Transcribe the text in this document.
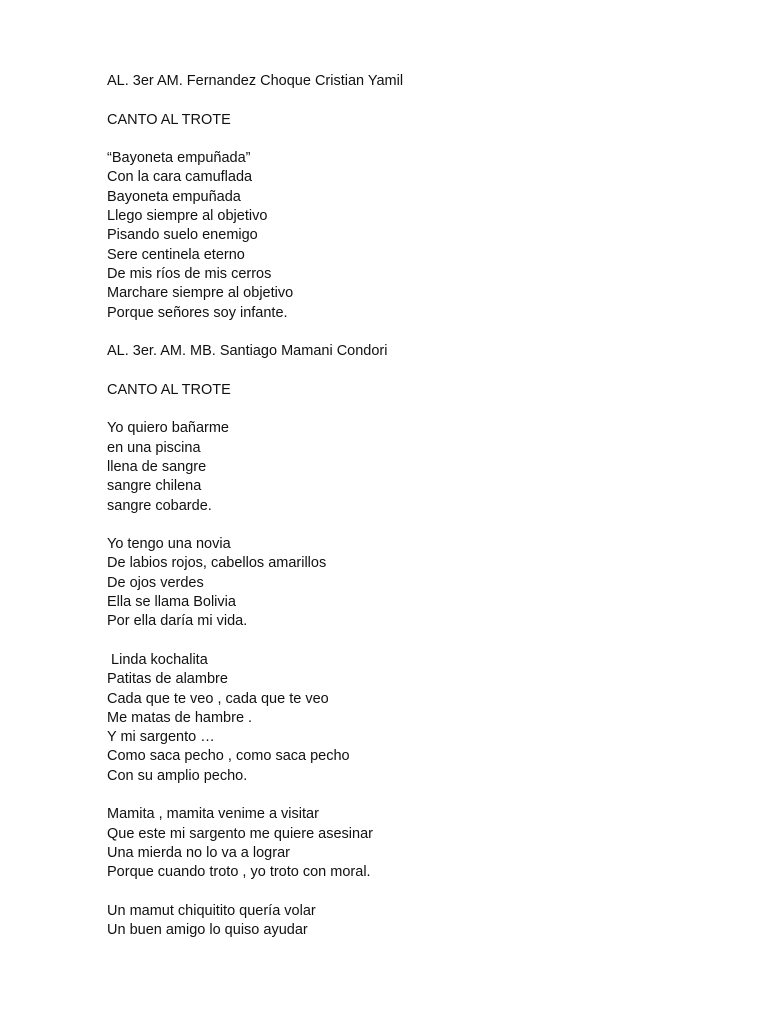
AL. 3er AM. Fernandez Choque Cristian Yamil
CANTO AL TROTE
“Bayoneta empuñada”
Con la cara camuflada
Bayoneta empuñada
Llego siempre al objetivo
Pisando suelo enemigo
Sere centinela eterno
De mis ríos de mis cerros
Marchare siempre al objetivo
Porque señores soy infante.
AL. 3er. AM. MB. Santiago Mamani Condori
CANTO AL TROTE
Yo quiero bañarme
en una piscina
llena de sangre
sangre chilena
sangre cobarde.
Yo tengo una novia
De labios rojos, cabellos amarillos
De ojos verdes
Ella se llama Bolivia
Por ella daría mi vida.
Linda kochalita
Patitas de alambre
Cada que te veo , cada que te veo
Me matas de hambre .
Y mi sargento …
Como saca pecho , como saca pecho
Con su amplio pecho.
Mamita , mamita venime a visitar
Que este mi sargento me quiere asesinar
Una mierda no lo va a lograr
Porque cuando troto , yo troto con moral.
Un mamut chiquitito quería volar
Un buen amigo lo quiso ayudar
